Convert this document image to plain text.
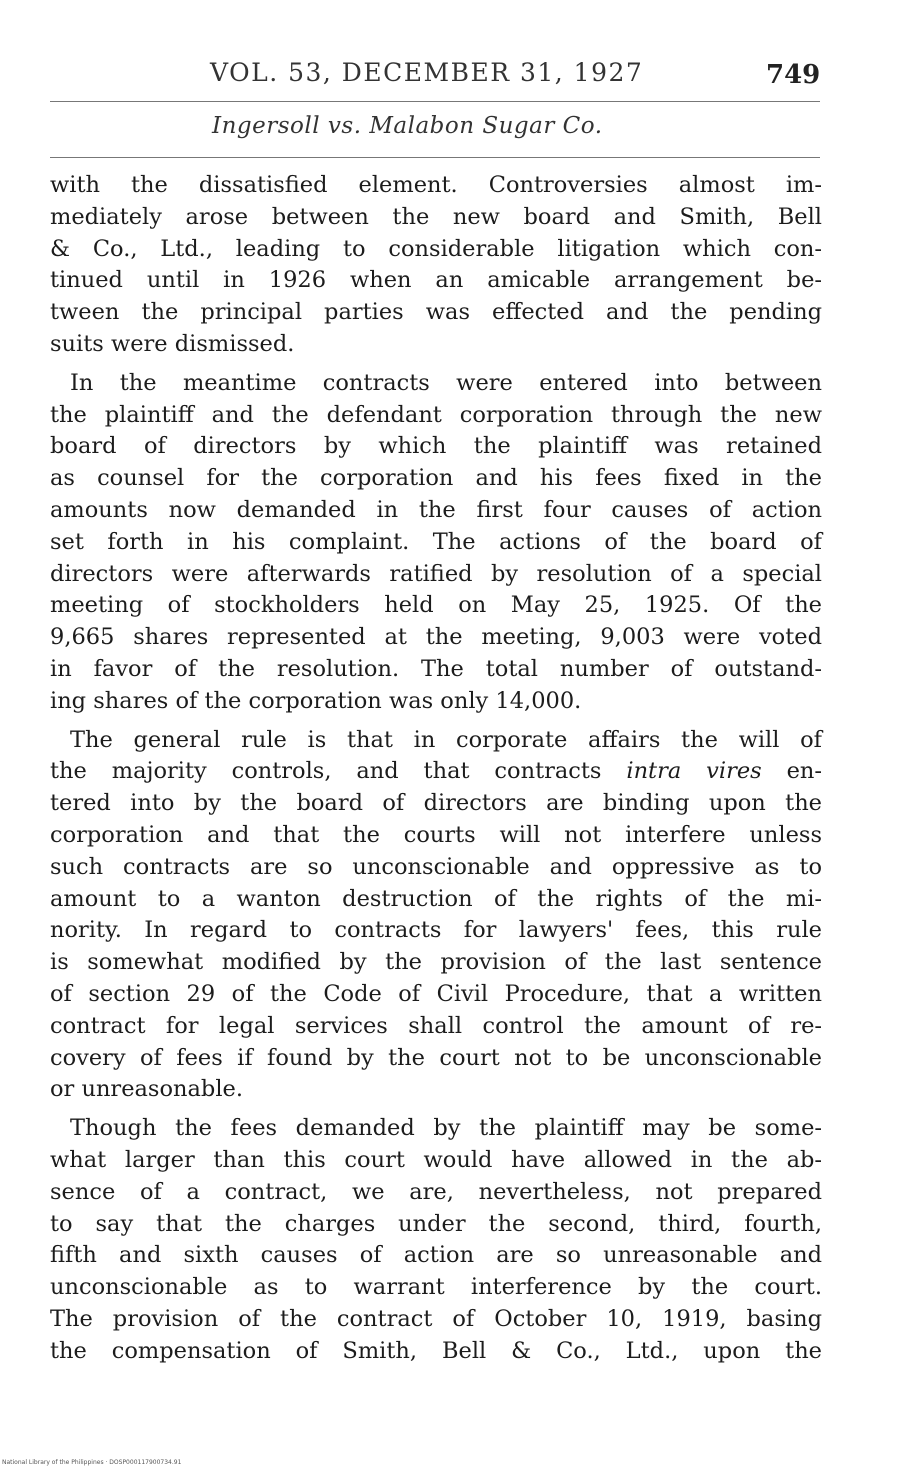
VOL. 53, DECEMBER 31, 1927	749
Ingersoll vs. Malabon Sugar Co.
with the dissatisfied element. Controversies almost im-
mediately arose between the new board and Smith, Bell
& Co., Ltd., leading to considerable litigation which con-
tinued until in 1926 when an amicable arrangement be-
tween the principal parties was effected and the pending
suits were dismissed.
In the meantime contracts were entered into between
the plaintiff and the defendant corporation through the new
board of directors by which the plaintiff was retained
as counsel for the corporation and his fees fixed in the
amounts now demanded in the first four causes of action
set forth in his complaint. The actions of the board of
directors were afterwards ratified by resolution of a special
meeting of stockholders held on May 25, 1925. Of the
9,665 shares represented at the meeting, 9,003 were voted
in favor of the resolution. The total number of outstand-
ing shares of the corporation was only 14,000.
The general rule is that in corporate affairs the will of
the majority controls, and that contracts intra vires en-
tered into by the board of directors are binding upon the
corporation and that the courts will not interfere unless
such contracts are so unconscionable and oppressive as to
amount to a wanton destruction of the rights of the mi-
nority. In regard to contracts for lawyers' fees, this rule
is somewhat modified by the provision of the last sentence
of section 29 of the Code of Civil Procedure, that a written
contract for legal services shall control the amount of re-
covery of fees if found by the court not to be unconscionable
or unreasonable.
Though the fees demanded by the plaintiff may be some-
what larger than this court would have allowed in the ab-
sence of a contract, we are, nevertheless, not prepared
to say that the charges under the second, third, fourth,
fifth and sixth causes of action are so unreasonable and
unconscionable as to warrant interference by the court.
The provision of the contract of October 10, 1919, basing
the compensation of Smith, Bell & Co., Ltd., upon the
National Library of the Philippines · DOSP000117900734.91
